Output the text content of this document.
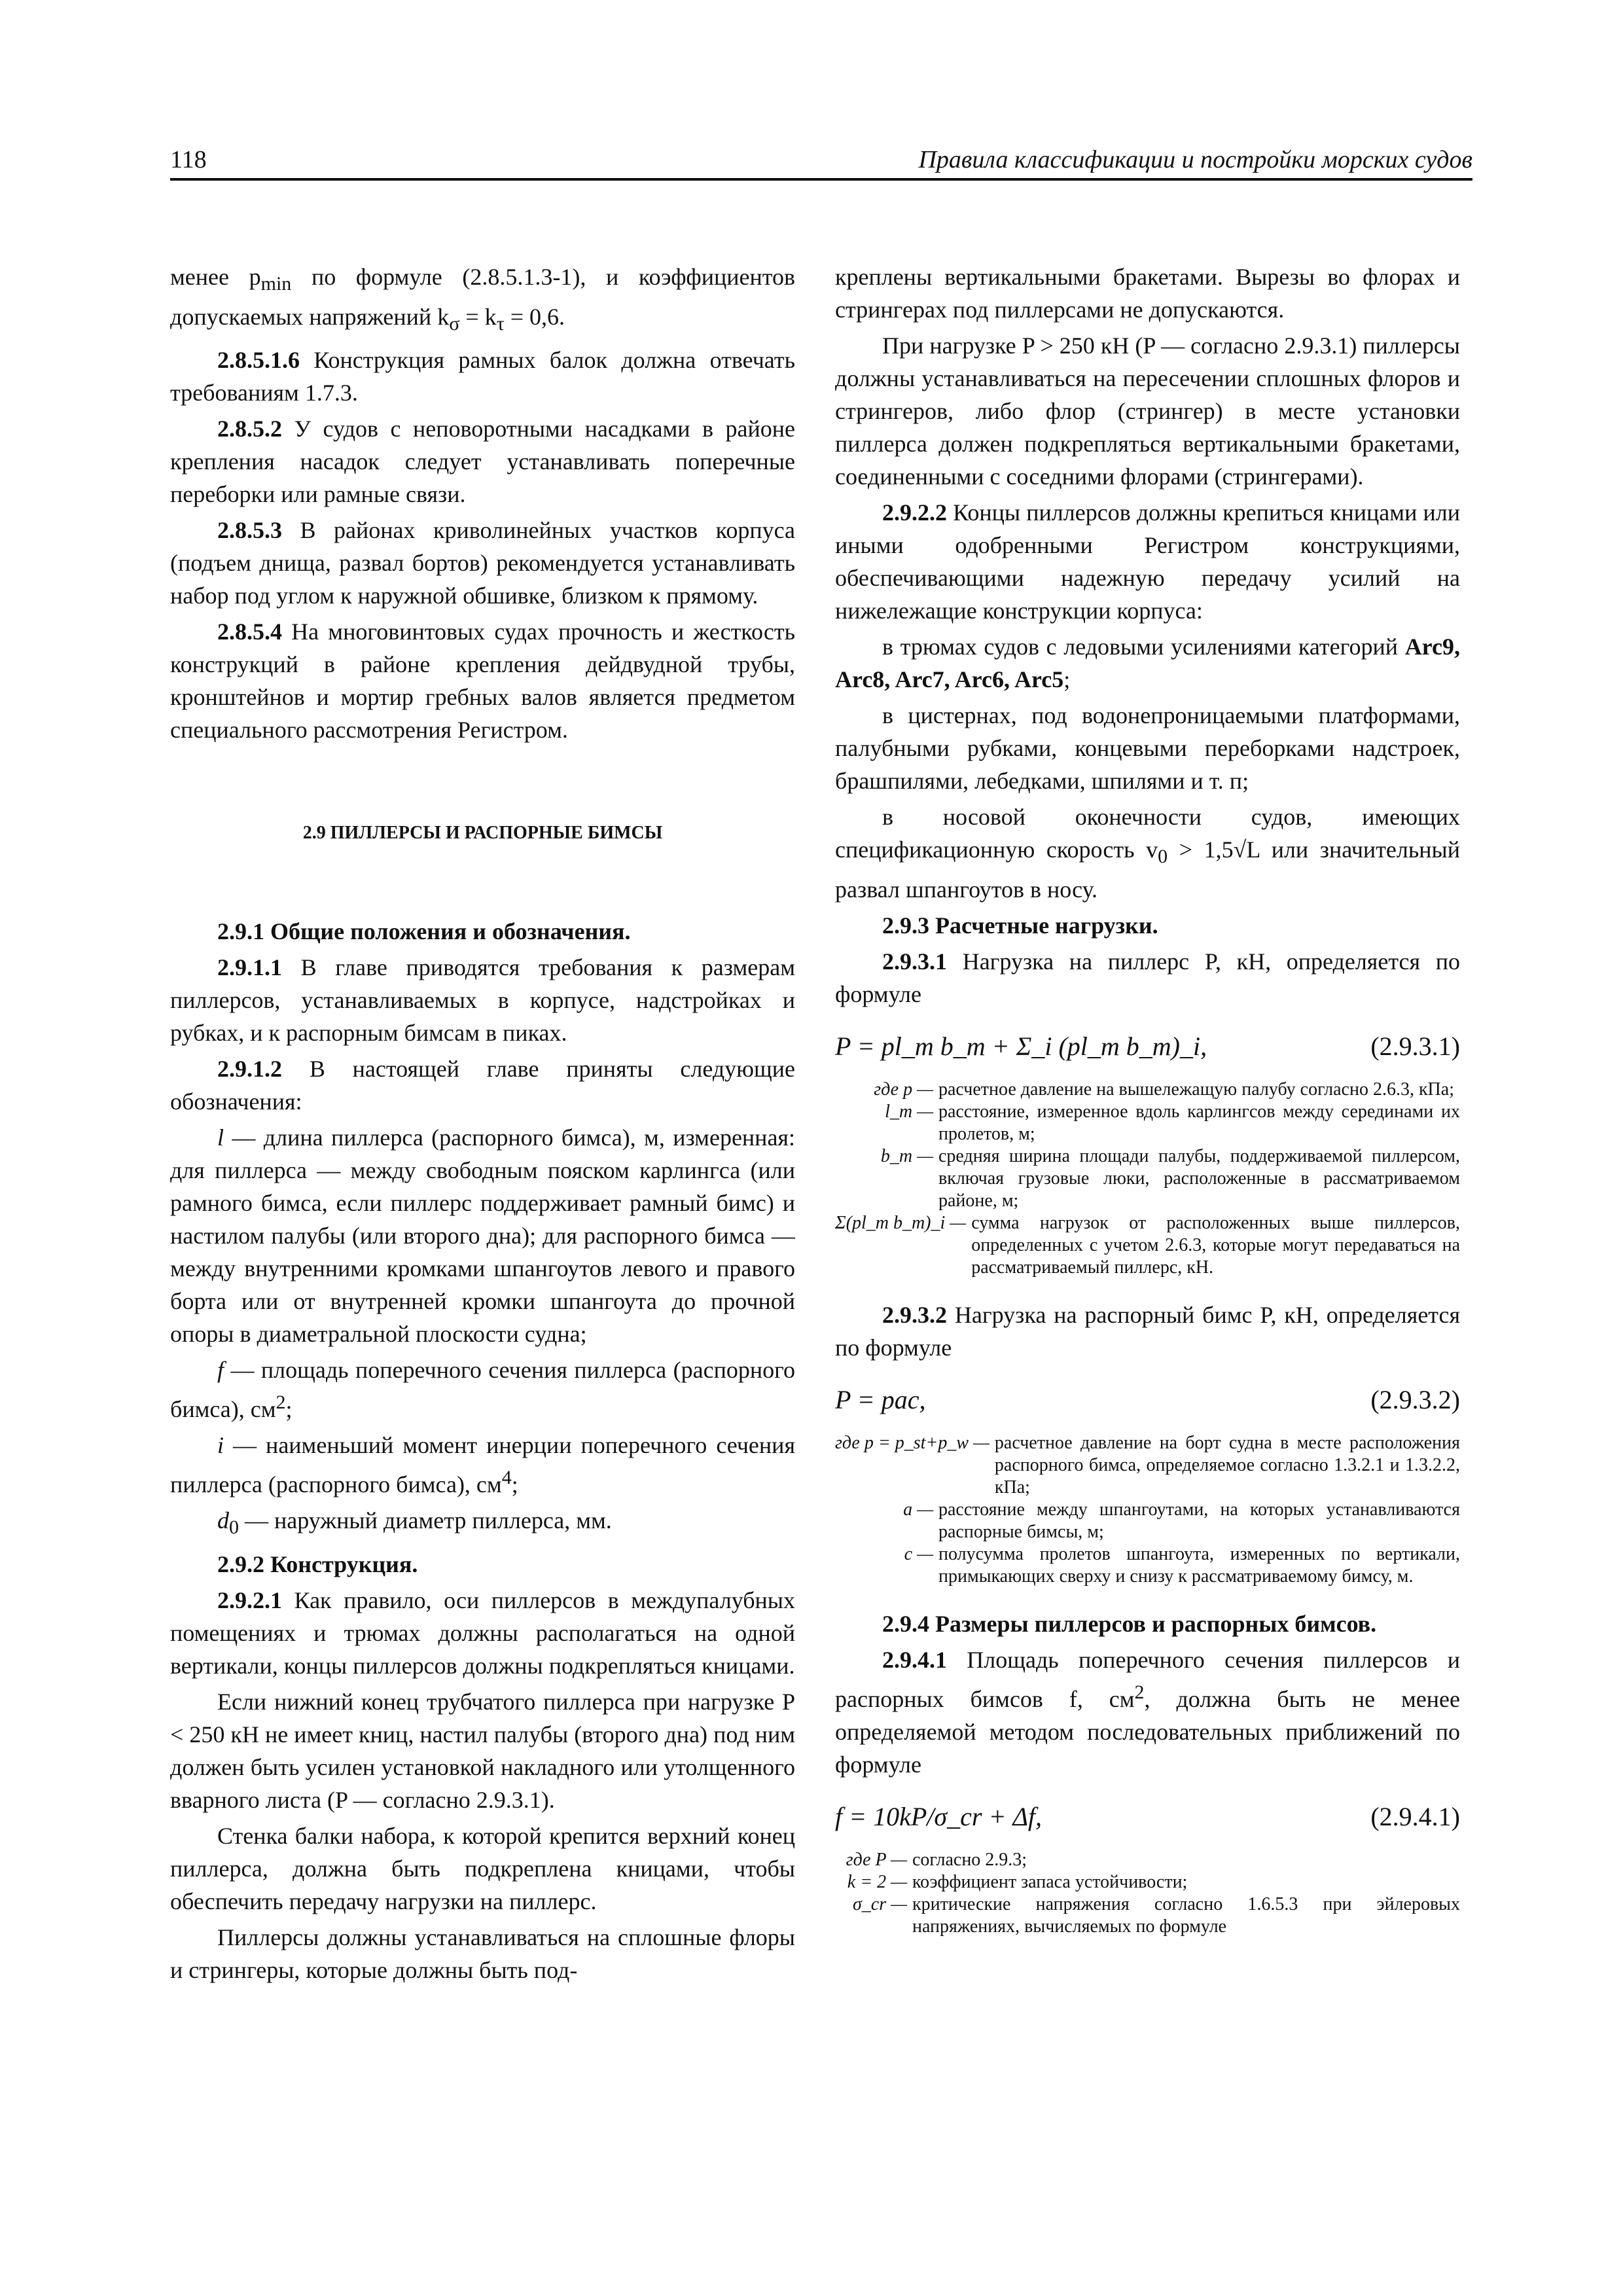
118	Правила классификации и постройки морских судов

менее $p_{min}$ по формуле (2.8.5.1.3-1), и коэффициентов допускаемых напряжений $k_\sigma = k_\tau = 0,6$.

2.8.5.1.6 Конструкция рамных балок должна отвечать требованиям 1.7.3.

2.8.5.2 У судов с неповоротными насадками в районе крепления насадок следует устанавливать поперечные переборки или рамные связи.

2.8.5.3 В районах криволинейных участков корпуса (подъем днища, развал бортов) рекомендуется устанавливать набор под углом к наружной обшивке, близком к прямому.

2.8.5.4 На многовинтовых судах прочность и жесткость конструкций в районе крепления дейдвудной трубы, кронштейнов и мортир гребных валов является предметом специального рассмотрения Регистром.

2.9 ПИЛЛЕРСЫ И РАСПОРНЫЕ БИМСЫ

2.9.1 Общие положения и обозначения.

2.9.1.1 В главе приводятся требования к размерам пиллерсов, устанавливаемых в корпусе, надстройках и рубках, и к распорным бимсам в пиках.

2.9.1.2 В настоящей главе приняты следующие обозначения:

l — длина пиллерса (распорного бимса), м, измеренная: для пиллерса — между свободным пояском карлингса (или рамного бимса, если пиллерс поддерживает рамный бимс) и настилом палубы (или второго дна); для распорного бимса — между внутренними кромками шпангоутов левого и правого борта или от внутренней кромки шпангоута до прочной опоры в диаметральной плоскости судна;

f — площадь поперечного сечения пиллерса (распорного бимса), $см^2$;

i — наименьший момент инерции поперечного сечения пиллерса (распорного бимса), $см^4$;

$d_0$ — наружный диаметр пиллерса, мм.

2.9.2 Конструкция.

2.9.2.1 Как правило, оси пиллерсов в междупалубных помещениях и трюмах должны располагаться на одной вертикали, концы пиллерсов должны подкрепляться кницами.

Если нижний конец трубчатого пиллерса при нагрузке P < 250 кН не имеет книц, настил палубы (второго дна) под ним должен быть усилен установкой накладного или утолщенного вварного листа (P — согласно 2.9.3.1).

Стенка балки набора, к которой крепится верхний конец пиллерса, должна быть подкреплена кницами, чтобы обеспечить передачу нагрузки на пиллерс.

Пиллерсы должны устанавливаться на сплошные флоры и стрингеры, которые должны быть под-

креплены вертикальными бракетами. Вырезы во флорах и стрингерах под пиллерсами не допускаются.

При нагрузке P > 250 кН (P — согласно 2.9.3.1) пиллерсы должны устанавливаться на пересечении сплошных флоров и стрингеров, либо флор (стрингер) в месте установки пиллерса должен подкрепляться вертикальными бракетами, соединенными с соседними флорами (стрингерами).

2.9.2.2 Концы пиллерсов должны крепиться кницами или иными одобренными Регистром конструкциями, обеспечивающими надежную передачу усилий на нижележащие конструкции корпуса:

в трюмах судов с ледовыми усилениями категорий Arc9, Arc8, Arc7, Arc6, Arc5;

в цистернах, под водонепроницаемыми платформами, палубными рубками, концевыми переборками надстроек, брашпилями, лебедками, шпилями и т. п;

в носовой оконечности судов, имеющих спецификационную скорость $v_0 > 1,5√L$ или значительный развал шпангоутов в носу.

2.9.3 Расчетные нагрузки.

2.9.3.1 Нагрузка на пиллерс P, кН, определяется по формуле

P = pl_m b_m + Σ_i (pl_m b_m)_i,	(2.9.3.1)

где p — расчетное давление на вышележащую палубу согласно 2.6.3, кПа;
l_m — расстояние, измеренное вдоль карлингсов между серединами их пролетов, м;
b_m — средняя ширина площади палубы, поддерживаемой пиллерсом, включая грузовые люки, расположенные в рассматриваемом районе, м;
Σ(pl_m b_m)_i — сумма нагрузок от расположенных выше пиллерсов, определенных с учетом 2.6.3, которые могут передаваться на рассматриваемый пиллерс, кН.

2.9.3.2 Нагрузка на распорный бимс P, кН, определяется по формуле

P = pac,	(2.9.3.2)

где p = p_st+p_w — расчетное давление на борт судна в месте расположения распорного бимса, определяемое согласно 1.3.2.1 и 1.3.2.2, кПа;
a — расстояние между шпангоутами, на которых устанавливаются распорные бимсы, м;
c — полусумма пролетов шпангоута, измеренных по вертикали, примыкающих сверху и снизу к рассматриваемому бимсу, м.

2.9.4 Размеры пиллерсов и распорных бимсов.

2.9.4.1 Площадь поперечного сечения пиллерсов и распорных бимсов f, $см^2$, должна быть не менее определяемой методом последовательных приближений по формуле

f = 10kP/σ_cr + Δf,	(2.9.4.1)

где P — согласно 2.9.3;
k = 2 — коэффициент запаса устойчивости;
σ_cr — критические напряжения согласно 1.6.5.3 при эйлеровых напряжениях, вычисляемых по формуле
